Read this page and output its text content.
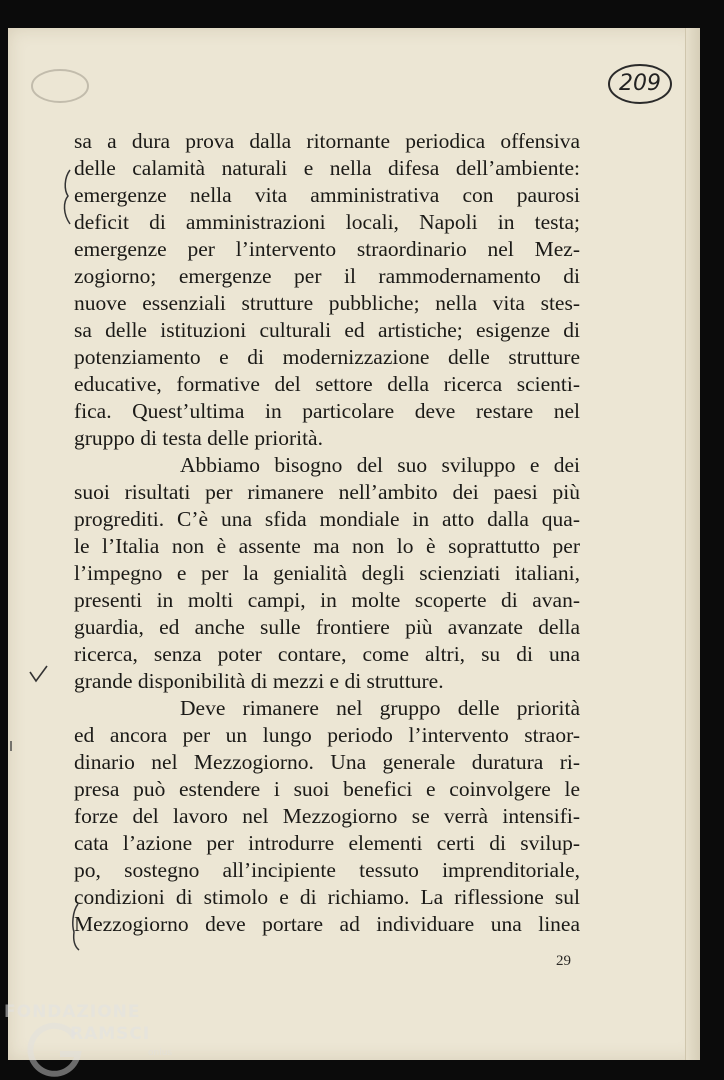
209
sa a dura prova dalla ritornante periodica offensiva
delle calamità naturali e nella difesa dell’ambiente:
emergenze nella vita amministrativa con paurosi
deficit di amministrazioni locali, Napoli in testa;
emergenze per l’intervento straordinario nel Mez-
zogiorno; emergenze per il rammodernamento di
nuove essenziali strutture pubbliche; nella vita stes-
sa delle istituzioni culturali ed artistiche; esigenze di
potenziamento e di modernizzazione delle strutture
educative, formative del settore della ricerca scienti-
fica. Quest’ultima in particolare deve restare nel
gruppo di testa delle priorità.
Abbiamo bisogno del suo sviluppo e dei
suoi risultati per rimanere nell’ambito dei paesi più
progrediti. C’è una sfida mondiale in atto dalla qua-
le l’Italia non è assente ma non lo è soprattutto per
l’impegno e per la genialità degli scienziati italiani,
presenti in molti campi, in molte scoperte di avan-
guardia, ed anche sulle frontiere più avanzate della
ricerca, senza poter contare, come altri, su di una
grande disponibilità di mezzi e di strutture.
Deve rimanere nel gruppo delle priorità
ed ancora per un lungo periodo l’intervento straor-
dinario nel Mezzogiorno. Una generale duratura ri-
presa può estendere i suoi benefici e coinvolgere le
forze del lavoro nel Mezzogiorno se verrà intensifi-
cata l’azione per introdurre elementi certi di svilup-
po, sostegno all’incipiente tessuto imprenditoriale,
condizioni di stimolo e di richiamo. La riflessione sul
Mezzogiorno deve portare ad individuare una linea
29
FONDAZIONE
RAMSCI
onlus
